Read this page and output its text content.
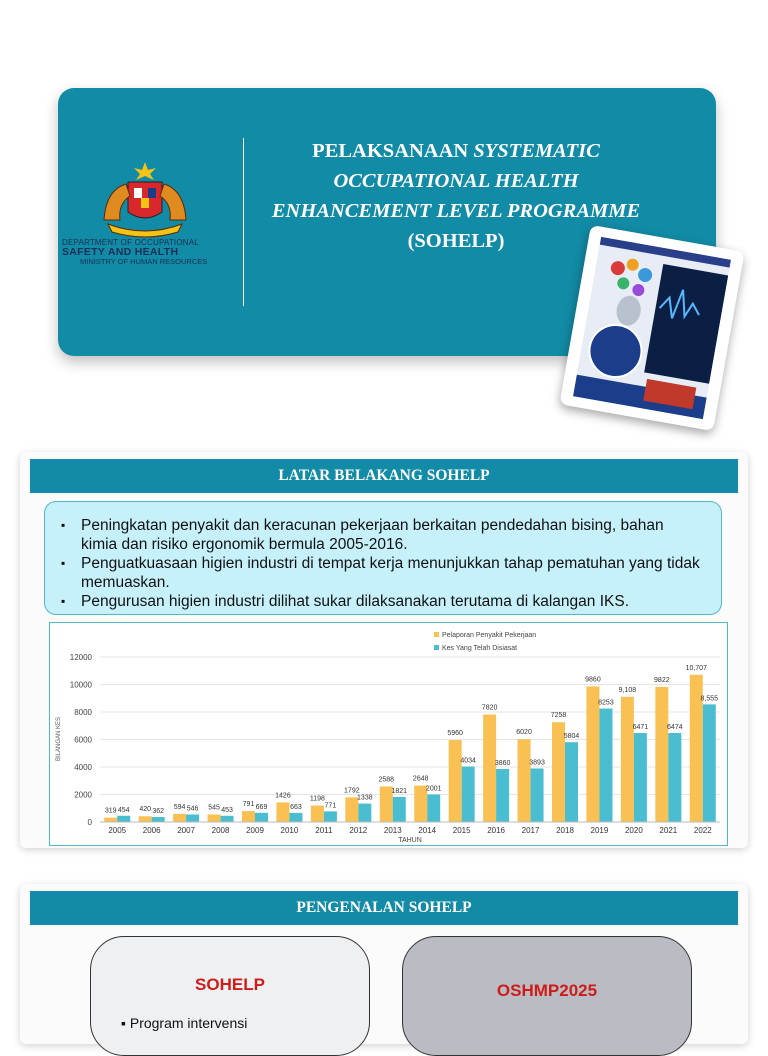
DEPARTMENT OF OCCUPATIONAL
SAFETY AND HEALTH
MINISTRY OF HUMAN RESOURCES
PELAKSANAAN SYSTEMATIC
OCCUPATIONAL HEALTH
ENHANCEMENT LEVEL PROGRAMME
(SOHELP)
LATAR BELAKANG SOHELP
▪ Peningkatan penyakit dan keracunan pekerjaan berkaitan pendedahan bising, bahan kimia dan risiko ergonomik bermula 2005-2016.
▪ Penguatkuasaan higien industri di tempat kerja menunjukkan tahap pematuhan yang tidak memuaskan.
▪ Pengurusan higien industri dilihat sukar dilaksanakan terutama di kalangan IKS.
319 454 420 362
594 546 545 453
791 669
1426
663
1198
771
1792
1338
2588
1821
2648
2001
5960
4034
7820
3860
6020
3893
7258
5804
9860
8253
9,108
6471
9822
6474
10,707
8,555
0
2000
4000
6000
8000
10000
12000
BILANGAN KES
2005 2006 2007 2008 2009 2010 2011 2012 2013 2014 2015 2016 2017 2018 2019 2020 2021 2022
TAHUN
Pelaporan Penyakit Pekerjaan
Kes Yang Telah Disiasat
PENGENALAN SOHELP
SOHELP
▪ Program intervensi
OSHMP2025
